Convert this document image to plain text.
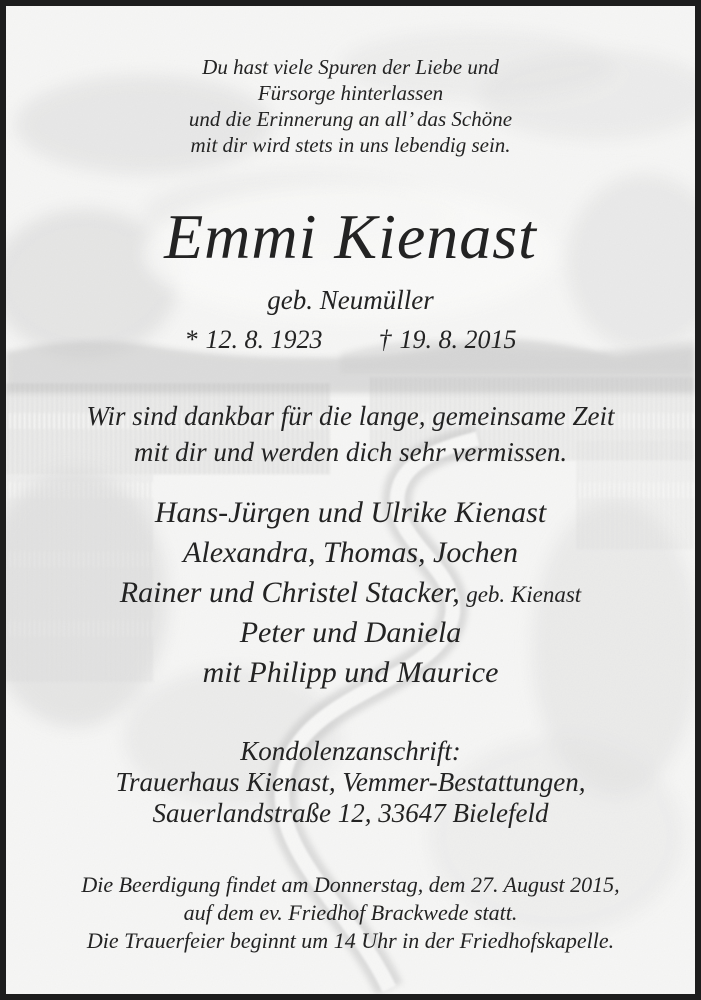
Du hast viele Spuren der Liebe und
Fürsorge hinterlassen
und die Erinnerung an all’ das Schöne
mit dir wird stets in uns lebendig sein.
Emmi Kienast
geb. Neumüller
* 12. 8. 1923 † 19. 8. 2015
Wir sind dankbar für die lange, gemeinsame Zeit
mit dir und werden dich sehr vermissen.
Hans-Jürgen und Ulrike Kienast
Alexandra, Thomas, Jochen
Rainer und Christel Stacker, geb. Kienast
Peter und Daniela
mit Philipp und Maurice
Kondolenzanschrift:
Trauerhaus Kienast, Vemmer-Bestattungen,
Sauerlandstraße 12, 33647 Bielefeld
Die Beerdigung findet am Donnerstag, dem 27. August 2015,
auf dem ev. Friedhof Brackwede statt.
Die Trauerfeier beginnt um 14 Uhr in der Friedhofskapelle.
